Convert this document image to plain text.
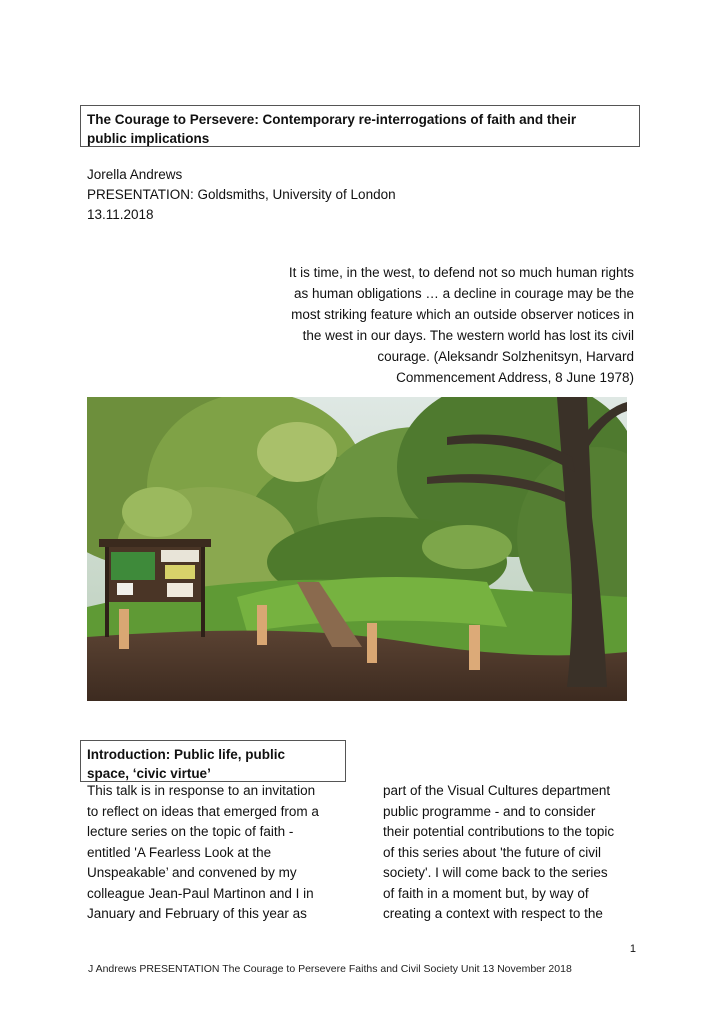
The Courage to Persevere: Contemporary re-interrogations of faith and their
public implications
Jorella Andrews
PRESENTATION: Goldsmiths, University of London
13.11.2018
It is time, in the west, to defend not so much human rights
as human obligations … a decline in courage may be the
most striking feature which an outside observer notices in
the west in our days. The western world has lost its civil
courage. (Aleksandr Solzhenitsyn, Harvard
Commencement Address, 8 June 1978)
Introduction: Public life, public
space, ‘civic virtue’
This talk is in response to an invitation
to reflect on ideas that emerged from a
lecture series on the topic of faith -
entitled 'A Fearless Look at the
Unspeakable’ and convened by my
colleague Jean-Paul Martinon and I in
January and February of this year as
part of the Visual Cultures department
public programme - and to consider
their potential contributions to the topic
of this series about 'the future of civil
society'. I will come back to the series
of faith in a moment but, by way of
creating a context with respect to the
1
J Andrews PRESENTATION The Courage to Persevere Faiths and Civil Society Unit 13 November 2018
